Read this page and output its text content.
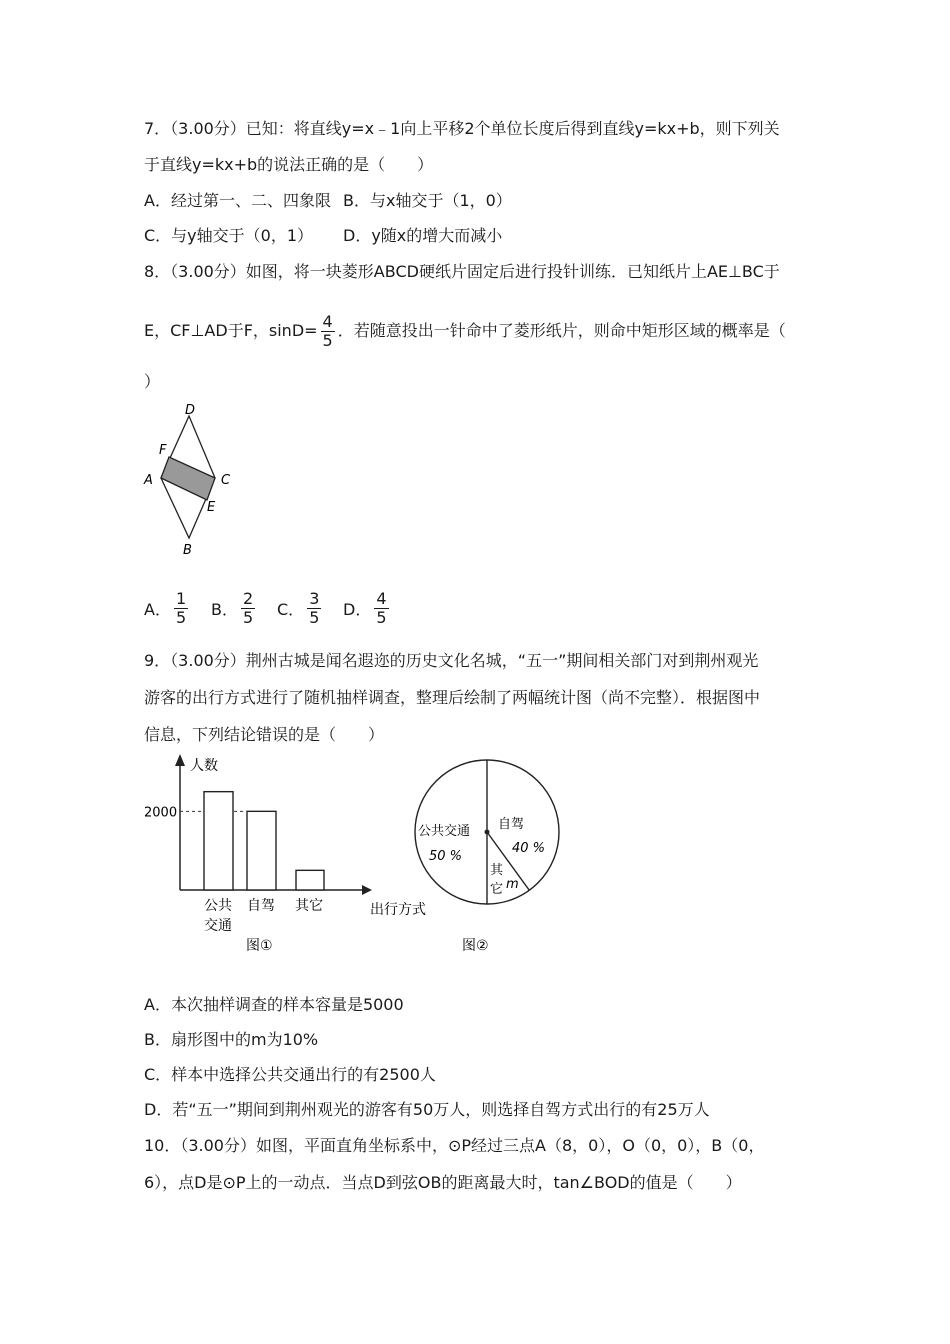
7．（3.00分）已知：将直线y=x﹣1向上平移2个单位长度后得到直线y=kx+b，则下列关
于直线y=kx+b的说法正确的是（　　）
A．经过第一、二、四象限 B．与x轴交于（1，0）
C．与y轴交于（0，1） D．y随x的增大而减小
8．（3.00分）如图，将一块菱形ABCD硬纸片固定后进行投针训练．已知纸片上AE⊥BC于
E，CF⊥AD于F，$\sin D= \frac{4}{5}$ ．若随意投出一针命中了菱形纸片，则命中矩形区域的概率是（
）
D
F
A	C
E
B
A． $\frac{1}{5}$ B． $\frac{2}{5}$ C． $\frac{3}{5}$ D． $\frac{4}{5}$
9．（3.00分）荆州古城是闻名遐迩的历史文化名城，“五一”期间相关部门对到荆州观光
游客的出行方式进行了随机抽样调查，整理后绘制了两幅统计图（尚不完整）．根据图中
信息，下列结论错误的是（　　）
人数
出行方式
2000
公共
交通
自驾 其它
图①
公共交通
50 %
自驾
40 %
其
它 m
图②
A．本次抽样调查的样本容量是5000
B．扇形图中的m为10%
C．样本中选择公共交通出行的有2500人
D．若“五一”期间到荆州观光的游客有50万人，则选择自驾方式出行的有25万人
10．（3.00分）如图，平面直角坐标系中，⊙P经过三点A（8，0），O（0，0），B（0，
6），点D是⊙P上的一动点．当点D到弦OB的距离最大时，tan∠BOD的值是（　　）
